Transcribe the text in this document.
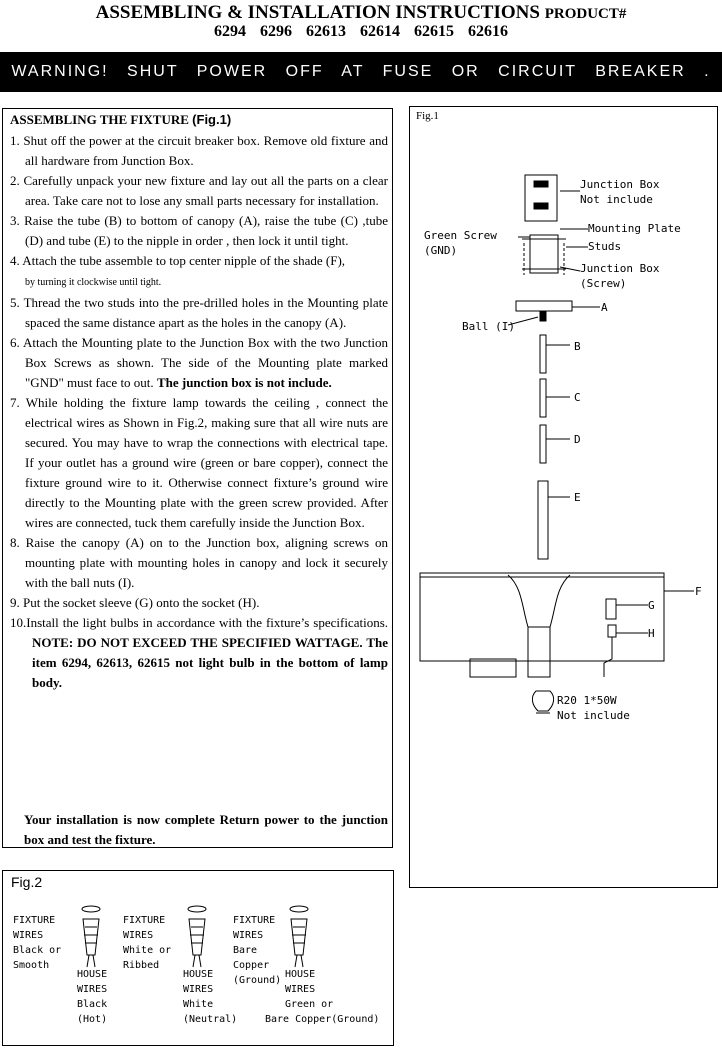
ASSEMBLING & INSTALLATION INSTRUCTIONS PRODUCT#
6294 6296 62613 62614 62615 62616
WARNING! SHUT POWER OFF AT FUSE OR CIRCUIT BREAKER .
ASSEMBLING THE FIXTURE (Fig.1)
1. Shut off the power at the circuit breaker box. Remove old fixture and all hardware from Junction Box.
2. Carefully unpack your new fixture and lay out all the parts on a clear area. Take care not to lose any small parts necessary for installation.
3. Raise the tube (B) to bottom of canopy (A), raise the tube (C) ,tube (D) and tube (E) to the nipple in order , then lock it until tight.
4. Attach the tube assemble to top center nipple of the shade (F),
by turning it clockwise until tight.
5. Thread the two studs into the pre-drilled holes in the Mounting plate spaced the same distance apart as the holes in the canopy (A).
6. Attach the Mounting plate to the Junction Box with the two Junction Box Screws as shown. The side of the Mounting plate marked "GND" must face to out. The junction box is not include.
7. While holding the fixture lamp towards the ceiling , connect the electrical wires as Shown in Fig.2, making sure that all wire nuts are secured. You may have to wrap the connections with electrical tape. If your outlet has a ground wire (green or bare copper), connect the fixture ground wire to it. Otherwise connect fixture’s ground wire directly to the Mounting plate with the green screw provided. After wires are connected, tuck them carefully inside the Junction Box.
8. Raise the canopy (A) on to the Junction box, aligning screws on mounting plate with mounting holes in canopy and lock it securely with the ball nuts (I).
9. Put the socket sleeve (G) onto the socket (H).
10.Install the light bulbs in accordance with the fixture’s specifications. NOTE: DO NOT EXCEED THE SPECIFIED WATTAGE. The item 6294, 62613, 62615 not light bulb in the bottom of lamp body.
Your installation is now complete Return power to the junction box and test the fixture.
Fig.1
Junction Box
Not include
Green Screw
(GND)
Mounting Plate
Studs
Junction Box
(Screw)
Ball (I)
A
B
C
D
E
F
G
H
R20 1*50W
Not include
Fig.2
FIXTURE
WIRES
Black or
Smooth
HOUSE
WIRES
Black
(Hot)
FIXTURE
WIRES
White or
Ribbed
HOUSE
WIRES
White
(Neutral)
FIXTURE
WIRES
Bare
Copper
(Ground)
HOUSE
WIRES
Green or
Bare Copper(Ground)
